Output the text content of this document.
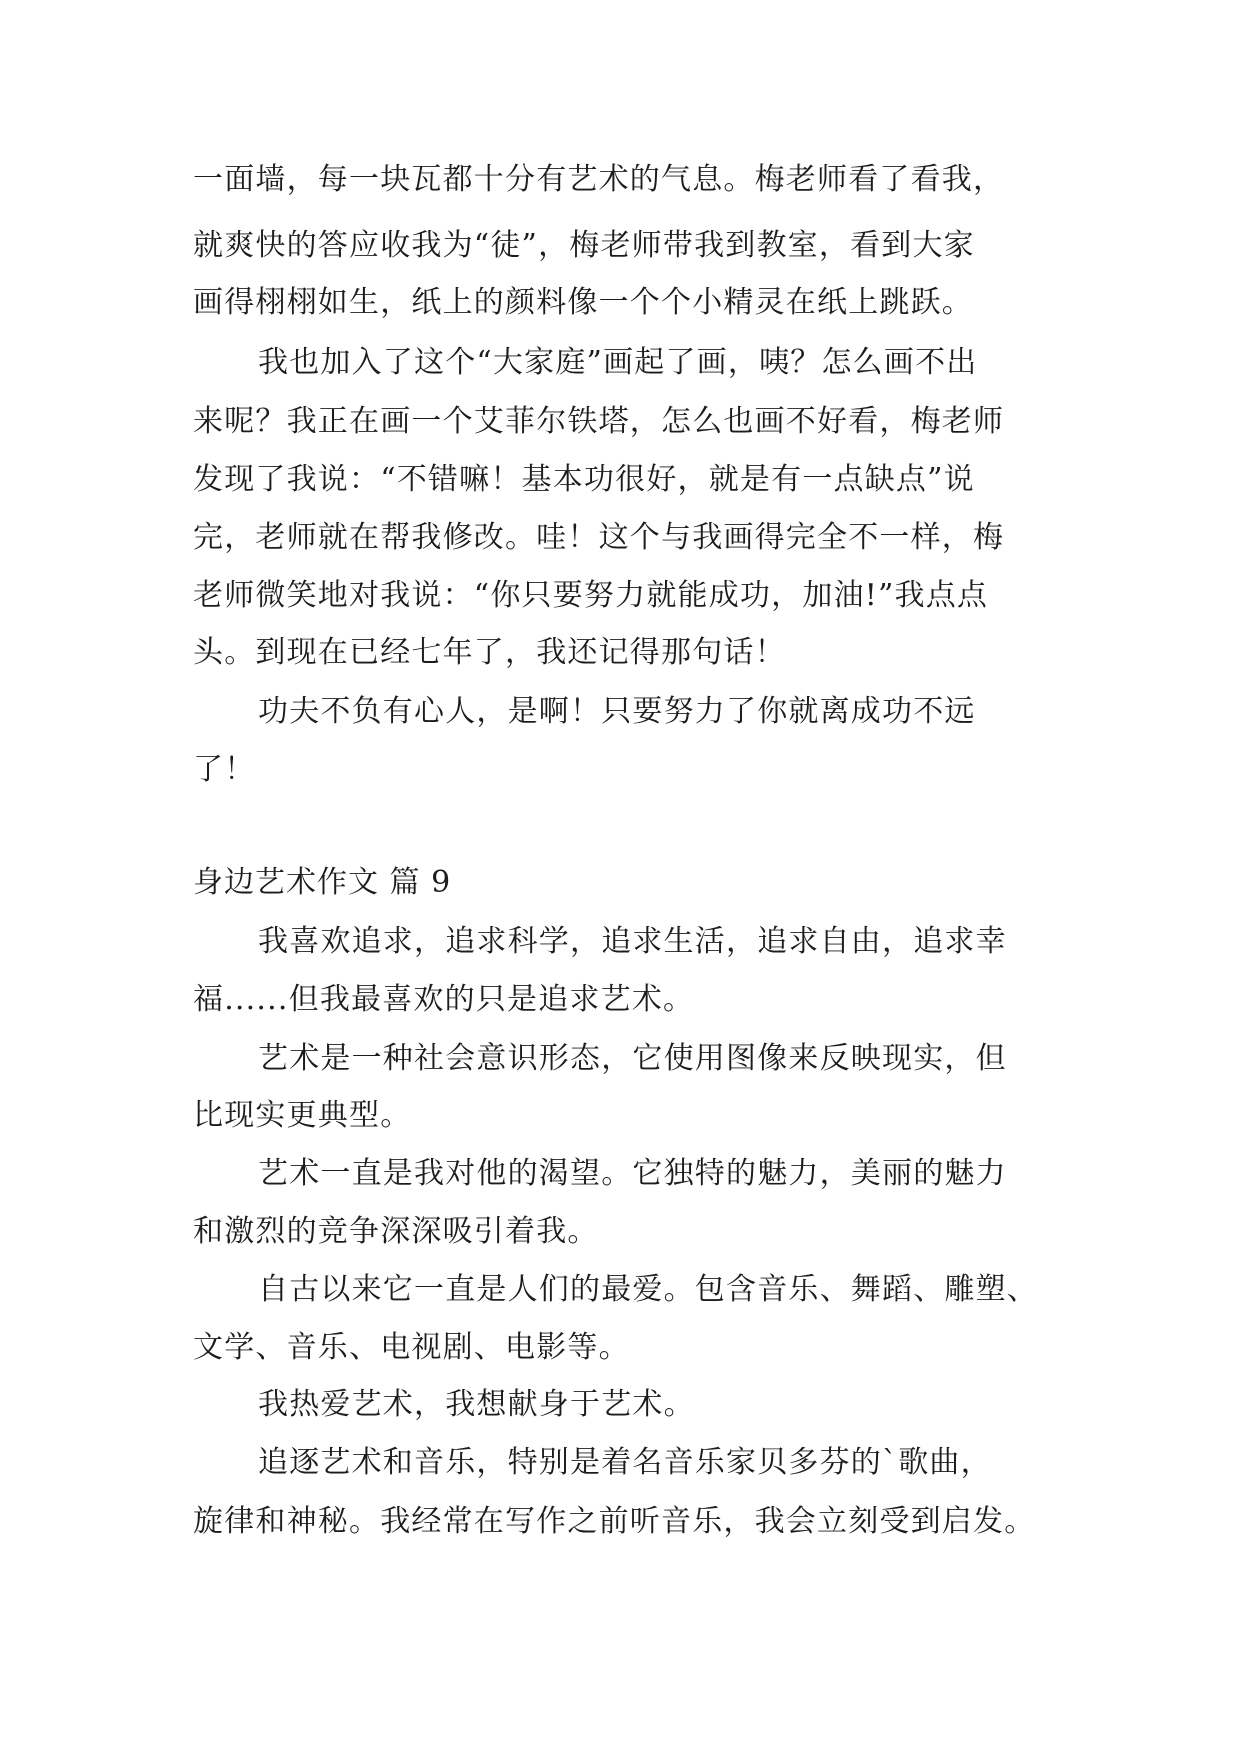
一面墙，每一块瓦都十分有艺术的气息。梅老师看了看我，

就爽快的答应收我为“徒”，梅老师带我到教室，看到大家

画得栩栩如生，纸上的颜料像一个个小精灵在纸上跳跃。

我也加入了这个“大家庭”画起了画，咦？怎么画不出

来呢？我正在画一个艾菲尔铁塔，怎么也画不好看，梅老师

发现了我说：“不错嘛！基本功很好，就是有一点缺点”说

完，老师就在帮我修改。哇！这个与我画得完全不一样，梅

老师微笑地对我说：“你只要努力就能成功，加油!”我点点

头。到现在已经七年了，我还记得那句话！

功夫不负有心人，是啊！只要努力了你就离成功不远

了！

身边艺术作文 篇 9

我喜欢追求，追求科学，追求生活，追求自由，追求幸

福......但我最喜欢的只是追求艺术。

艺术是一种社会意识形态，它使用图像来反映现实，但

比现实更典型。

艺术一直是我对他的渴望。它独特的魅力，美丽的魅力

和激烈的竞争深深吸引着我。

自古以来它一直是人们的最爱。包含音乐、舞蹈、雕塑、

文学、音乐、电视剧、电影等。

我热爱艺术，我想献身于艺术。

追逐艺术和音乐，特别是着名音乐家贝多芬的`歌曲，

旋律和神秘。我经常在写作之前听音乐，我会立刻受到启发。
